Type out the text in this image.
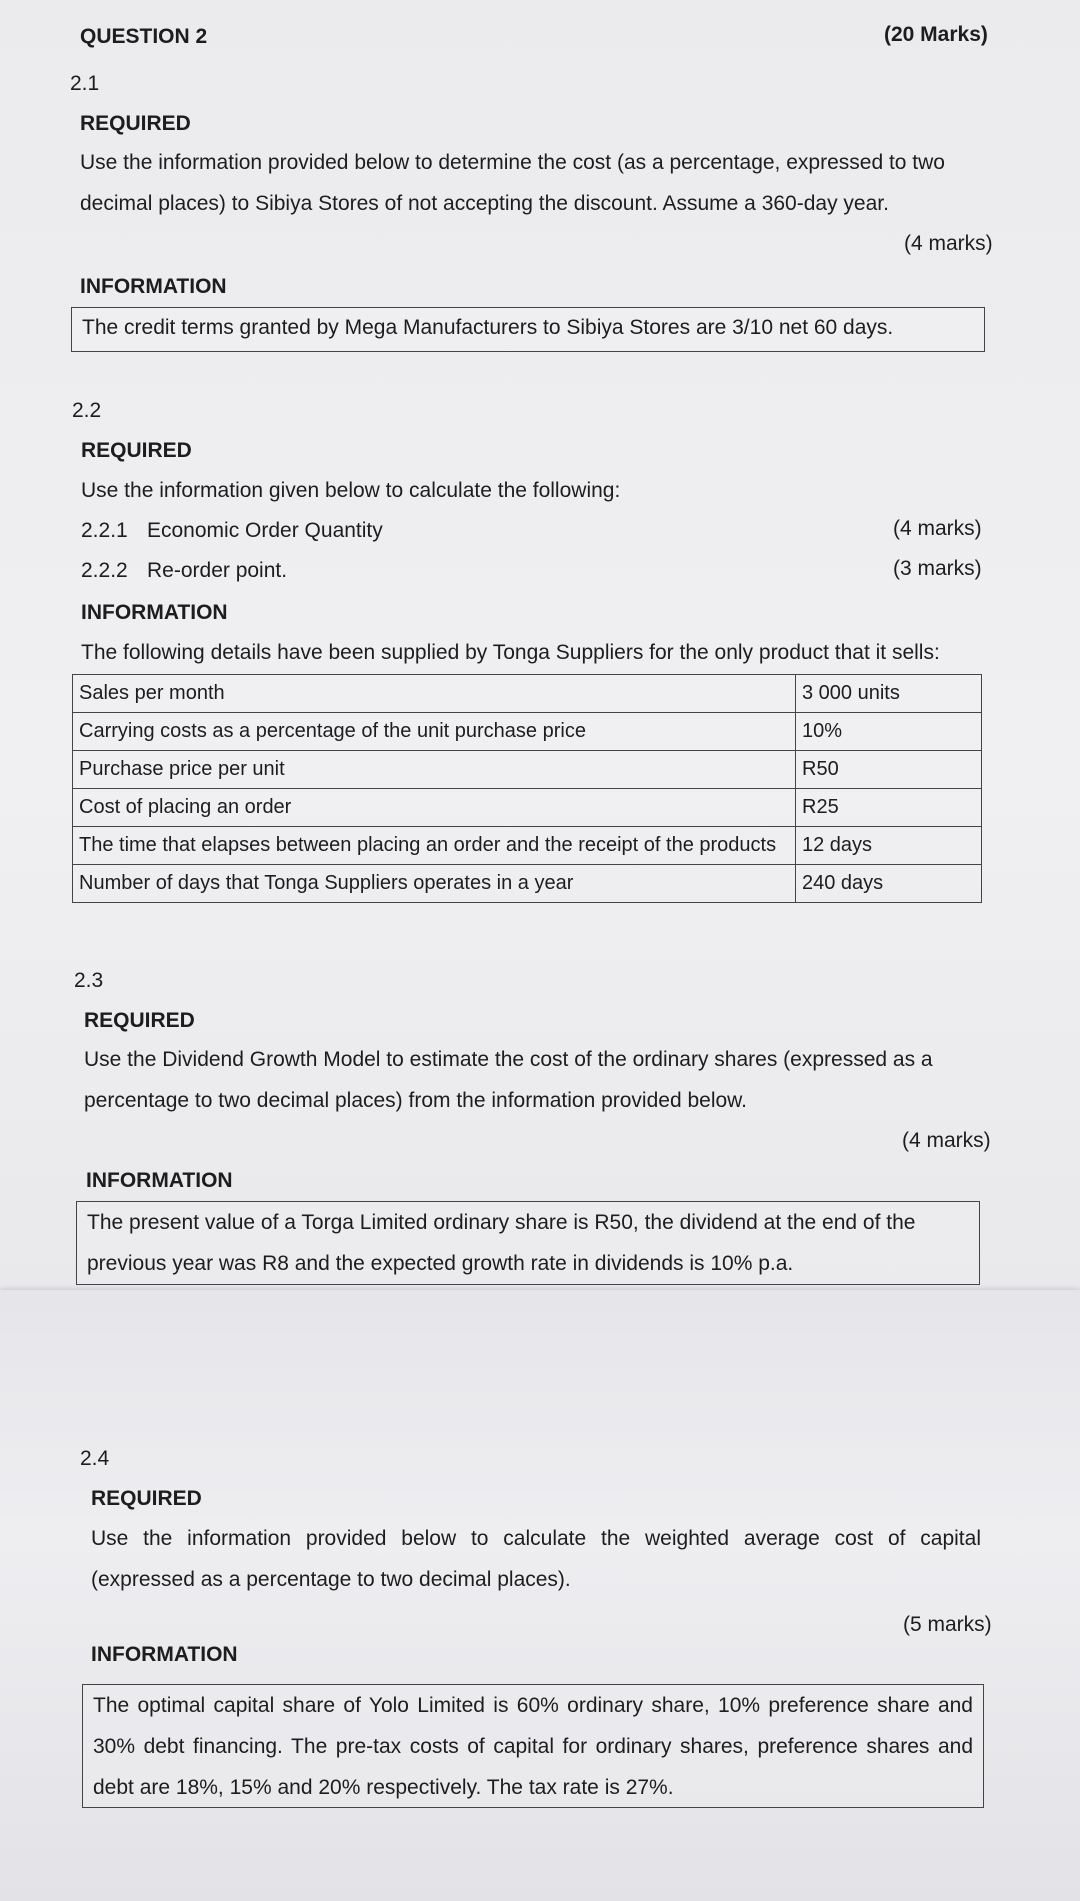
QUESTION 2	(20 Marks)
2.1
REQUIRED
Use the information provided below to determine the cost (as a percentage, expressed to two decimal places) to Sibiya Stores of not accepting the discount. Assume a 360-day year.
(4 marks)
INFORMATION
The credit terms granted by Mega Manufacturers to Sibiya Stores are 3/10 net 60 days.
2.2
REQUIRED
Use the information given below to calculate the following:
2.2.1 Economic Order Quantity	(4 marks)
2.2.2 Re-order point.	(3 marks)
INFORMATION
The following details have been supplied by Tonga Suppliers for the only product that it sells:
Sales per month	3 000 units
Carrying costs as a percentage of the unit purchase price	10%
Purchase price per unit	R50
Cost of placing an order	R25
The time that elapses between placing an order and the receipt of the products	12 days
Number of days that Tonga Suppliers operates in a year	240 days
2.3
REQUIRED
Use the Dividend Growth Model to estimate the cost of the ordinary shares (expressed as a percentage to two decimal places) from the information provided below.
(4 marks)
INFORMATION
The present value of a Torga Limited ordinary share is R50, the dividend at the end of the previous year was R8 and the expected growth rate in dividends is 10% p.a.
2.4
REQUIRED
Use the information provided below to calculate the weighted average cost of capital (expressed as a percentage to two decimal places).
(5 marks)
INFORMATION
The optimal capital share of Yolo Limited is 60% ordinary share, 10% preference share and 30% debt financing. The pre-tax costs of capital for ordinary shares, preference shares and debt are 18%, 15% and 20% respectively. The tax rate is 27%.
